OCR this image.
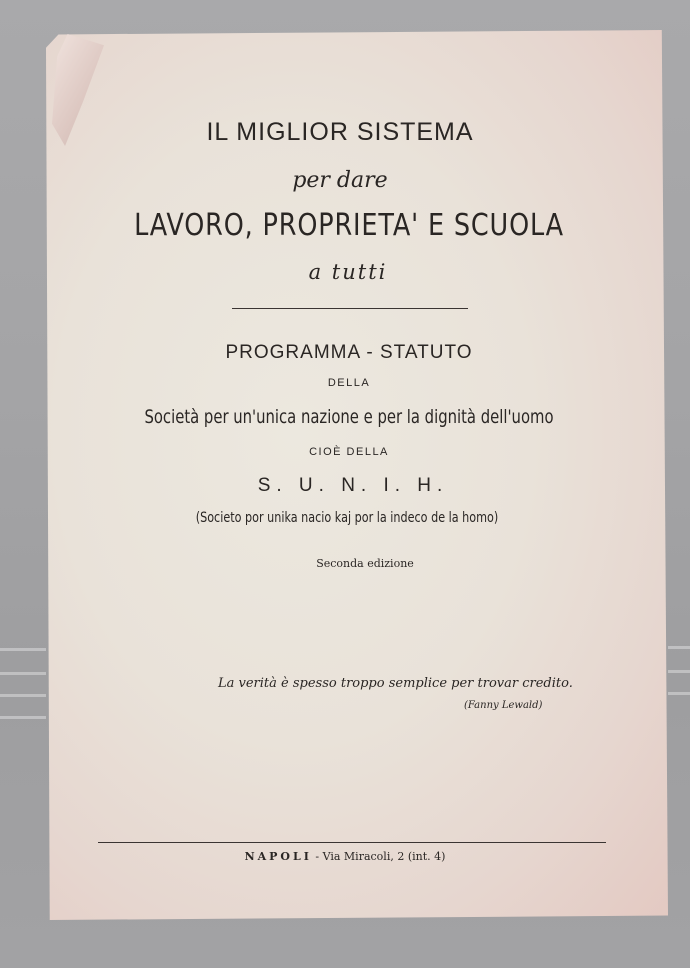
IL MIGLIOR SISTEMA

per dare

LAVORO, PROPRIETA' E SCUOLA

a tutti

PROGRAMMA - STATUTO

DELLA

Società per un'unica nazione e per la dignità dell'uomo

CIOÈ DELLA

S. U. N. I. H.

(Societo por unika nacio kaj por la indeco de la homo)

Seconda edizione

La verità è spesso troppo semplice per trovar credito.
(Fanny Lewald)
NAPOLI - Via Miracoli, 2 (int. 4)
